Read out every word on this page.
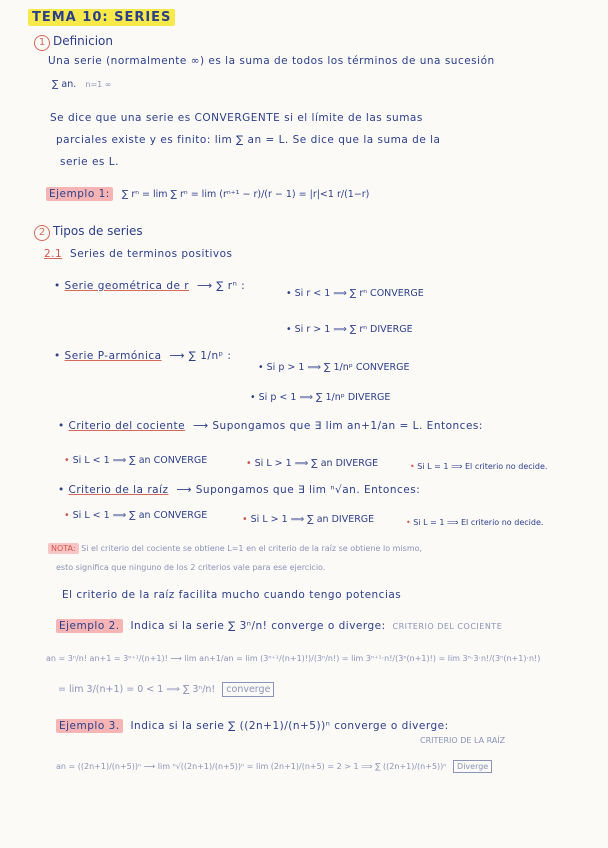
TEMA 10: SERIES
1 Definicion
Una serie (normalmente ∞) es la suma de todos los términos de una sucesión
∑ an. n=1 ∞
Se dice que una serie es CONVERGENTE si el límite de las sumas
parciales existe y es finito: lim ∑ an = L. Se dice que la suma de la
serie es L.
Ejemplo 1: ∑ rⁿ = lim ∑ rⁿ = lim (rⁿ⁺¹ − r)/(r − 1) = |r|<1 r/(1−r)
2 Tipos de series
2.1 Series de terminos positivos
• Serie geométrica de r ⟶ ∑ rⁿ :
• Si r < 1 ⟹ ∑ rⁿ CONVERGE
• Si r > 1 ⟹ ∑ rⁿ DIVERGE
• Serie P-armónica ⟶ ∑ 1/nᵖ :
• Si p > 1 ⟹ ∑ 1/nᵖ CONVERGE
• Si p < 1 ⟹ ∑ 1/nᵖ DIVERGE
• Criterio del cociente ⟶ Supongamos que ∃ lim an+1/an = L. Entonces:
• Si L < 1 ⟹ ∑ an CONVERGE	• Si L > 1 ⟹ ∑ an DIVERGE	• Si L = 1 ⟹ El criterio no decide.
• Criterio de la raíz ⟶ Supongamos que ∃ lim ⁿ√an. Entonces:
• Si L < 1 ⟹ ∑ an CONVERGE	• Si L > 1 ⟹ ∑ an DIVERGE	• Si L = 1 ⟹ El criterio no decide.
NOTA: Si el criterio del cociente se obtiene L=1 en el criterio de la raíz se obtiene lo mismo,
esto significa que ninguno de los 2 criterios vale para ese ejercicio.
El criterio de la raíz facilita mucho cuando tengo potencias
Ejemplo 2. Indica si la serie ∑ 3ⁿ/n! converge o diverge: CRITERIO DEL COCIENTE
an = 3ⁿ/n! an+1 = 3ⁿ⁺¹/(n+1)! ⟶ lim an+1/an = lim (3ⁿ⁺¹/(n+1)!)/(3ⁿ/n!) = lim 3ⁿ⁺¹·n!/(3ⁿ(n+1)!) = lim 3ⁿ·3·n!/(3ⁿ(n+1)·n!)
= lim 3/(n+1) = 0 < 1 ⟹ ∑ 3ⁿ/n! converge
Ejemplo 3. Indica si la serie ∑ ((2n+1)/(n+5))ⁿ converge o diverge:
CRITERIO DE LA RAÍZ
an = ((2n+1)/(n+5))ⁿ ⟶ lim ⁿ√((2n+1)/(n+5))ⁿ = lim (2n+1)/(n+5) = 2 > 1 ⟹ ∑ ((2n+1)/(n+5))ⁿ Diverge
